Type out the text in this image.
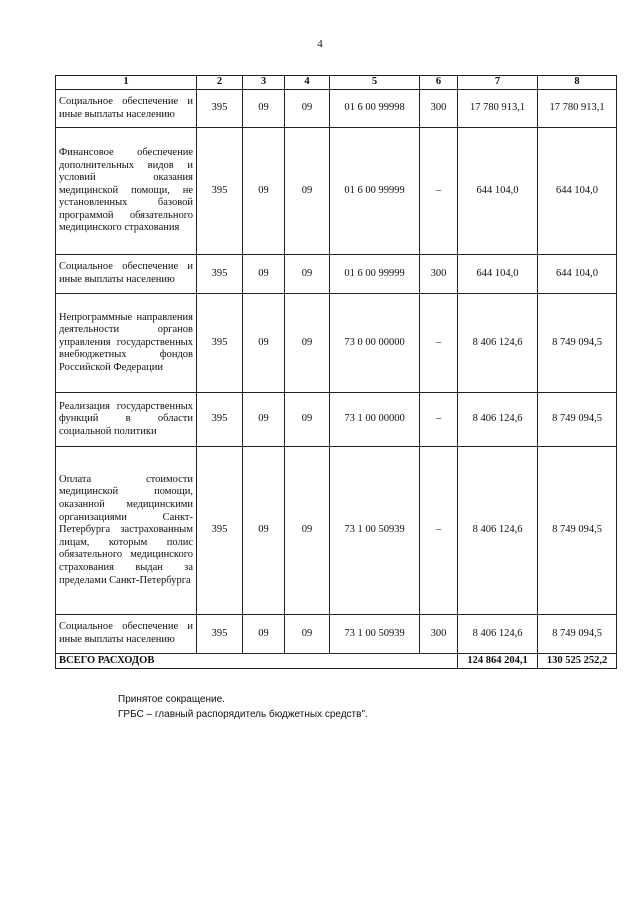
4
1	2	3	4	5	6	7	8
Социальное обеспечение и иные выплаты населению	395	09	09	01 6 00 99998	300	17 780 913,1	17 780 913,1
Финансовое обеспечение дополнительных видов и условий оказания медицинской помощи, не установленных базовой программой обязательного медицинского страхования	395	09	09	01 6 00 99999	–	644 104,0	644 104,0
Социальное обеспечение и иные выплаты населению	395	09	09	01 6 00 99999	300	644 104,0	644 104,0
Непрограммные направления деятельности органов управления государственных внебюджетных фондов Российской Федерации	395	09	09	73 0 00 00000	–	8 406 124,6	8 749 094,5
Реализация государственных функций в области социальной политики	395	09	09	73 1 00 00000	–	8 406 124,6	8 749 094,5
Оплата стоимости медицинской помощи, оказанной медицинскими организациями Санкт-Петербурга застрахованным лицам, которым полис обязательного медицинского страхования выдан за пределами Санкт-Петербурга	395	09	09	73 1 00 50939	–	8 406 124,6	8 749 094,5
Социальное обеспечение и иные выплаты населению	395	09	09	73 1 00 50939	300	8 406 124,6	8 749 094,5
ВСЕГО РАСХОДОВ						124 864 204,1	130 525 252,2
Принятое сокращение.
ГРБС – главный распорядитель бюджетных средств".
